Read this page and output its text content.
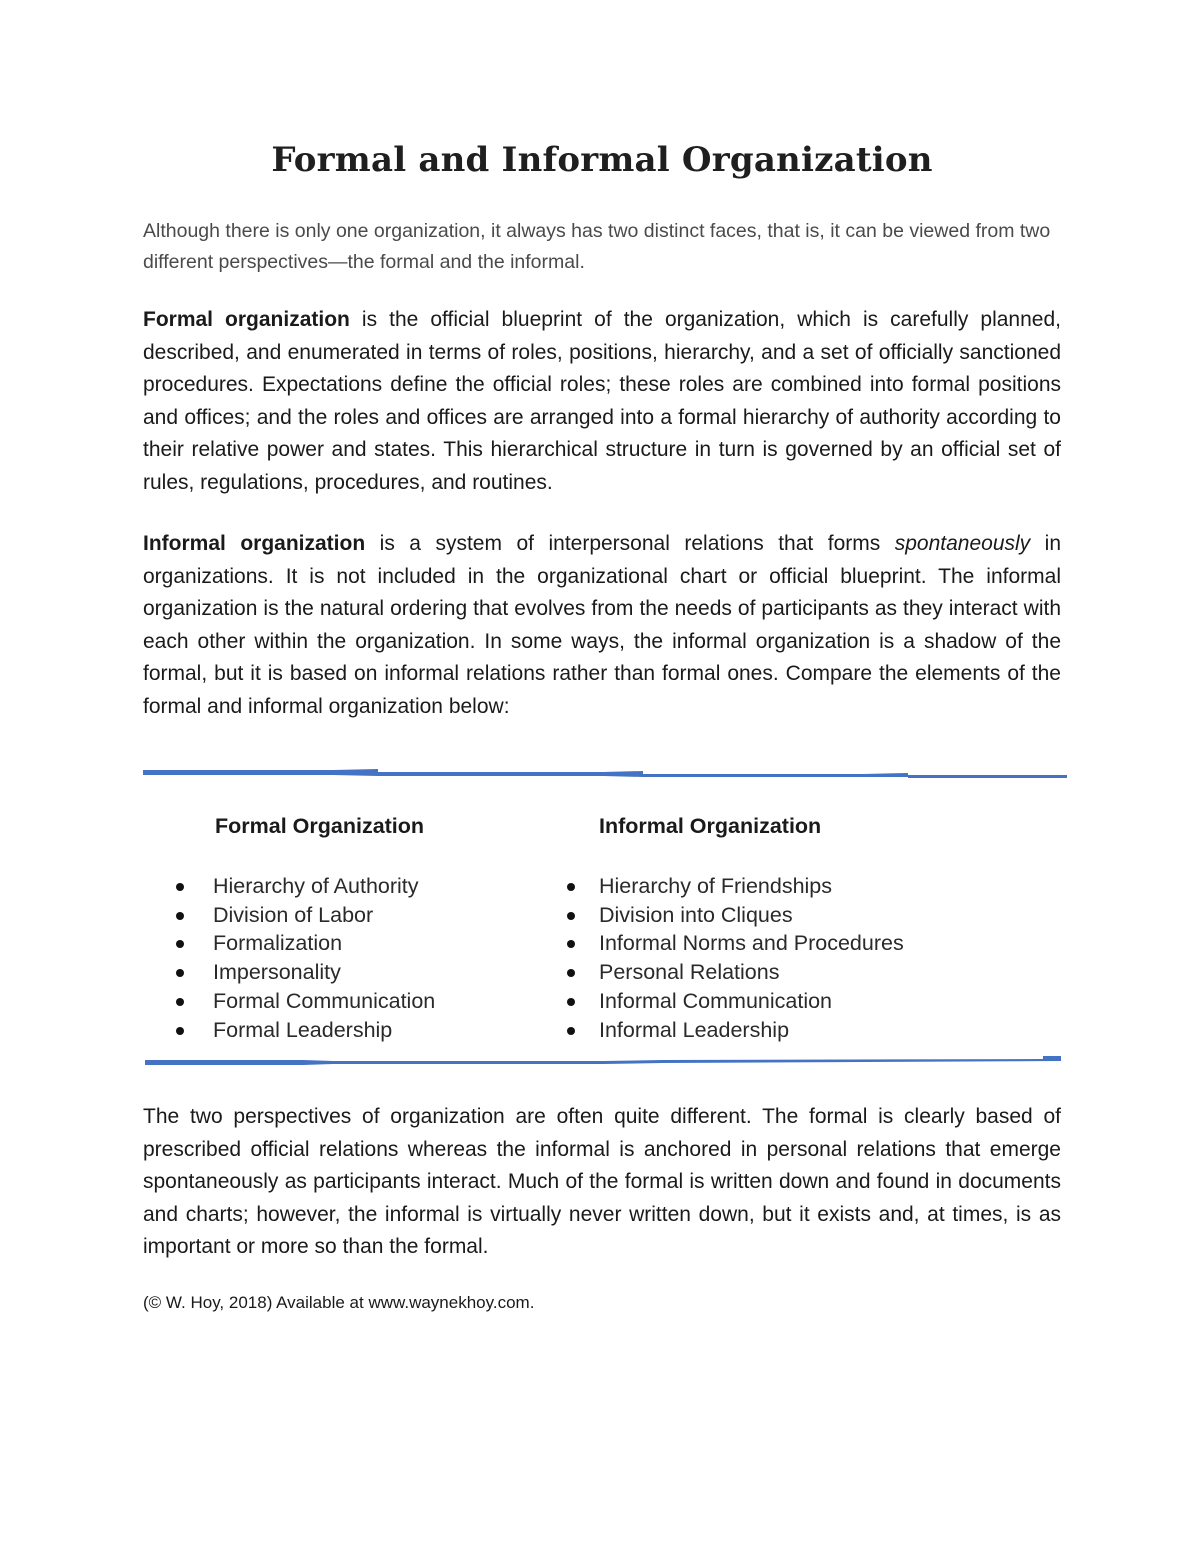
Formal and Informal Organization

Although there is only one organization, it always has two distinct faces, that is, it can be viewed from two different perspectives—the formal and the informal.

Formal organization is the official blueprint of the organization, which is carefully planned, described, and enumerated in terms of roles, positions, hierarchy, and a set of officially sanctioned procedures. Expectations define the official roles; these roles are combined into formal positions and offices; and the roles and offices are arranged into a formal hierarchy of authority according to their relative power and states. This hierarchical structure in turn is governed by an official set of rules, regulations, procedures, and routines.

Informal organization is a system of interpersonal relations that forms spontaneously in organizations. It is not included in the organizational chart or official blueprint. The informal organization is the natural ordering that evolves from the needs of participants as they interact with each other within the organization. In some ways, the informal organization is a shadow of the formal, but it is based on informal relations rather than formal ones. Compare the elements of the formal and informal organization below:

Formal Organization
Hierarchy of Authority
Division of Labor
Formalization
Impersonality
Formal Communication
Formal Leadership
Informal Organization
Hierarchy of Friendships
Division into Cliques
Informal Norms and Procedures
Personal Relations
Informal Communication
Informal Leadership

The two perspectives of organization are often quite different. The formal is clearly based of prescribed official relations whereas the informal is anchored in personal relations that emerge spontaneously as participants interact. Much of the formal is written down and found in documents and charts; however, the informal is virtually never written down, but it exists and, at times, is as important or more so than the formal.

(© W. Hoy, 2018) Available at www.waynekhoy.com.
